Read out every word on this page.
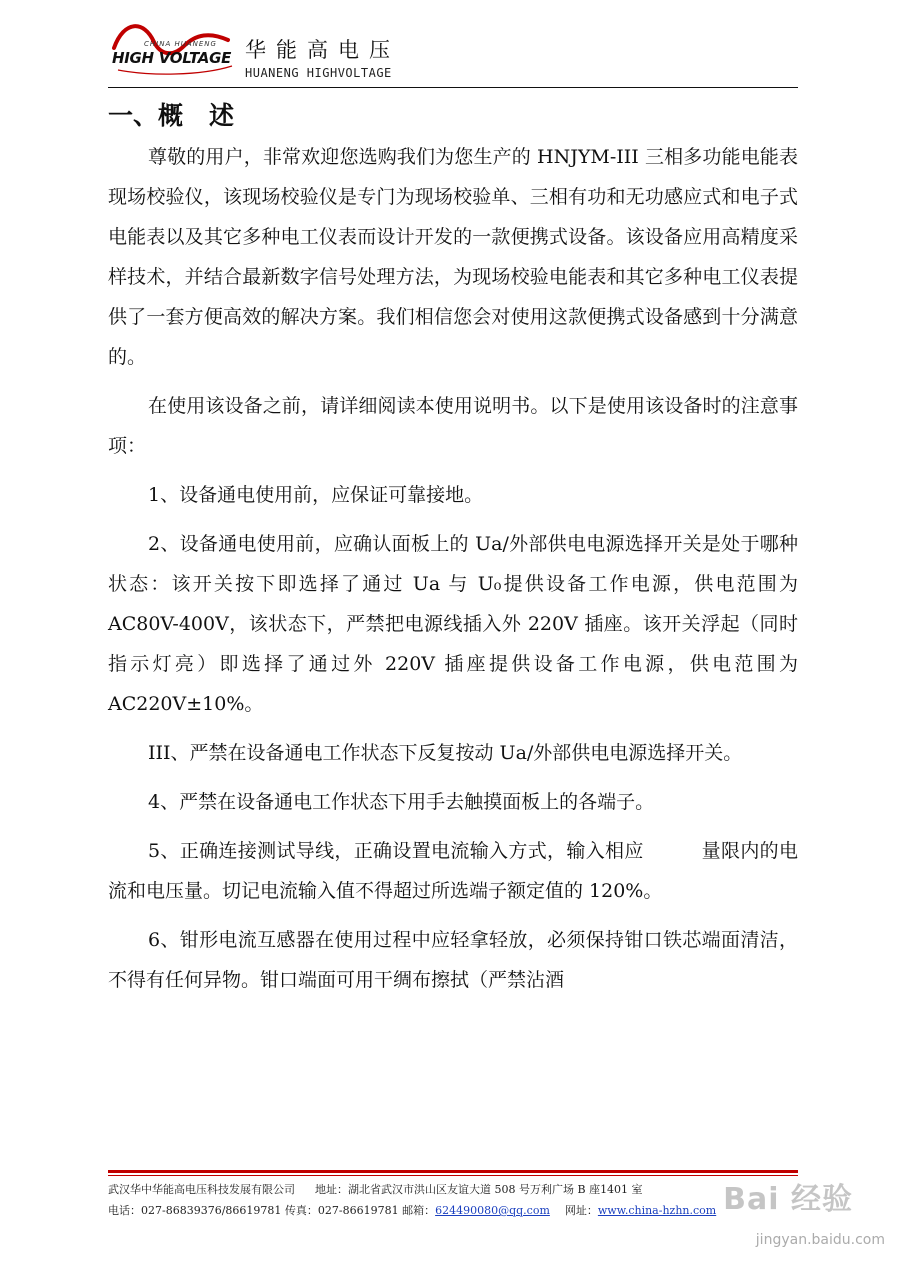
CHINA HUANENG
HIGH VOLTAGE 华能高电压
HUANENG HIGHVOLTAGE
一、概 述

尊敬的用户，非常欢迎您选购我们为您生产的 HNJYM-III 三相多功能电能表现场校验仪，该现场校验仪是专门为现场校验单、三相有功和无功感应式和电子式电能表以及其它多种电工仪表而设计开发的一款便携式设备。该设备应用高精度采样技术，并结合最新数字信号处理方法，为现场校验电能表和其它多种电工仪表提供了一套方便高效的解决方案。我们相信您会对使用这款便携式设备感到十分满意的。

在使用该设备之前，请详细阅读本使用说明书。以下是使用该设备时的注意事项：

1、设备通电使用前，应保证可靠接地。

2、设备通电使用前，应确认面板上的 Ua/外部供电电源选择开关是处于哪种状态：该开关按下即选择了通过 Ua 与 U₀提供设备工作电源，供电范围为 AC80V-400V，该状态下，严禁把电源线插入外 220V 插座。该开关浮起（同时指示灯亮）即选择了通过外 220V 插座提供设备工作电源，供电范围为 AC220V±10%。

III、严禁在设备通电工作状态下反复按动 Ua/外部供电电源选择开关。

4、严禁在设备通电工作状态下用手去触摸面板上的各端子。

5、正确连接测试导线，正确设置电流输入方式，输入相应　　　量限内的电流和电压量。切记电流输入值不得超过所选端子额定值的 120%。

6、钳形电流互感器在使用过程中应轻拿轻放，必须保持钳口铁芯端面清洁，不得有任何异物。钳口端面可用干绸布擦拭（严禁沾酒

武汉华中华能高电压科技发展有限公司 地址：湖北省武汉市洪山区友谊大道 508 号万利广场 B 座1401 室
电话：027-86839376/86619781 传真：027-86619781 邮箱：624490080@qq.com 网址：www.china-hzhn.com Bai 经验
jingyan.baidu.com
